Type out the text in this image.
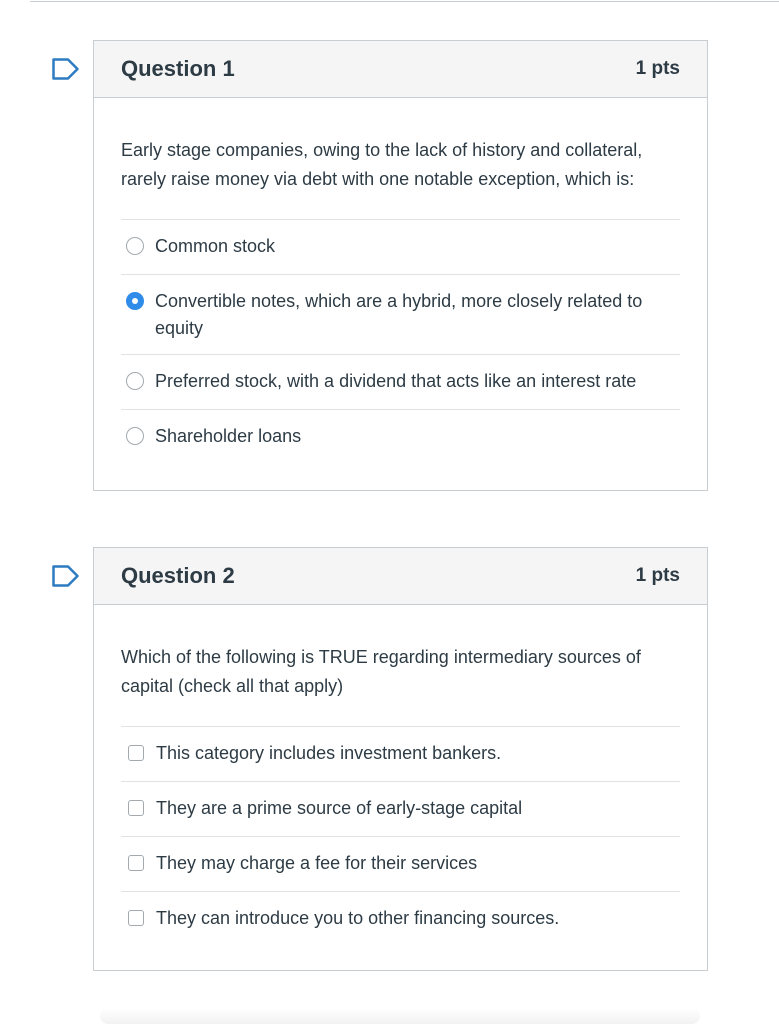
Question 1	1 pts
Early stage companies, owing to the lack of history and collateral, rarely raise money via debt with one notable exception, which is:
Common stock
Convertible notes, which are a hybrid, more closely related to equity
Preferred stock, with a dividend that acts like an interest rate
Shareholder loans
Question 2	1 pts
Which of the following is TRUE regarding intermediary sources of capital (check all that apply)
This category includes investment bankers.
They are a prime source of early-stage capital
They may charge a fee for their services
They can introduce you to other financing sources.
